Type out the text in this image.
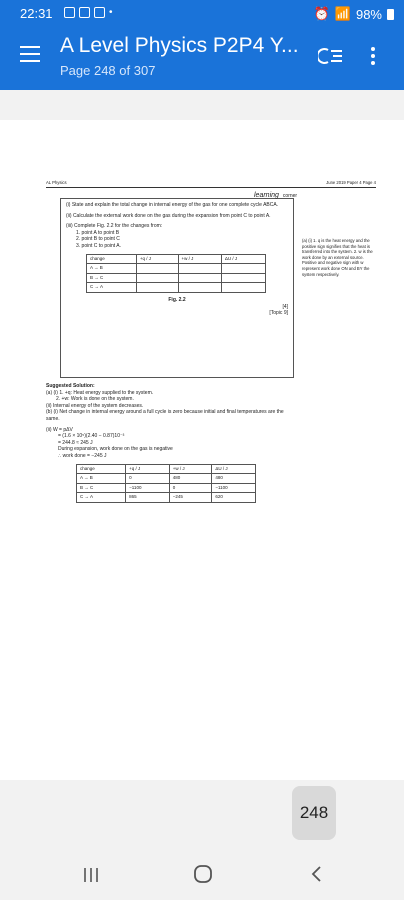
22:31	•	⏰ 📶 98%
A Level Physics P2P4 Y...
Page 248 of 307
AL Physics	June 2019 Paper 4 Page 4
(i) State and explain the total change in internal energy of the gas for one complete cycle ABCA.
(ii) Calculate the external work done on the gas during the expansion from point C to point A.
(iii) Complete Fig. 2.2 for the changes from:
1. point A to point B
2. point B to point C
3. point C to point A.
change	+q / J	+w / J	ΔU / J
A → B			
B → C			
C → A			
Fig. 2.2
[4]
[Topic 9]
Suggested Solution:
(a) (i) 1. +q: Heat energy supplied to the system.
2. +w: Work is done on the system.
(ii) Internal energy of the system decreases.
(b) (i) Net change in internal energy around a full cycle is zero because initial and final temperatures are the same.
(ii) W = pΔV
= (1.6 × 10⁵)(2.40 − 0.87)10⁻³
= 244.8 ≈ 245 J
During expansion, work done on the gas is negative
∴ work done = −245 J
change	+q / J	+w / J	ΔU / J
A → B	0	480	480
B → C	−1100	0	−1100
C → A	865	−245	620
(a) (i) 1. q is the heat energy and the positive sign signifies that the heat is transferred into the system. 2. w is the work done by an external source. Positive and negative sign with w represent work done ON and BY the system respectively.
learning corner
248
